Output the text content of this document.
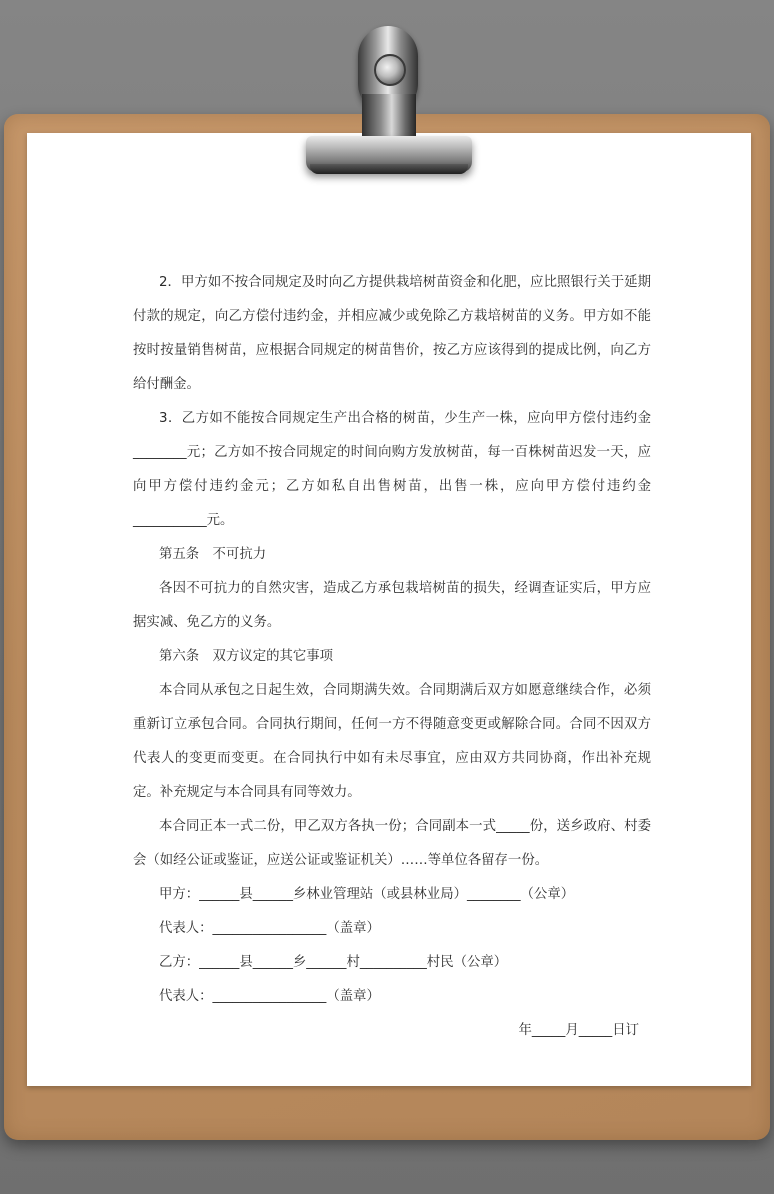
2．甲方如不按合同规定及时向乙方提供栽培树苗资金和化肥，应比照银行关于延期付款的规定，向乙方偿付违约金，并相应减少或免除乙方栽培树苗的义务。甲方如不能按时按量销售树苗，应根据合同规定的树苗售价，按乙方应该得到的提成比例，向乙方给付酬金。

3．乙方如不能按合同规定生产出合格的树苗，少生产一株，应向甲方偿付违约金________元；乙方如不按合同规定的时间向购方发放树苗，每一百株树苗迟发一天，应向甲方偿付违约金元；乙方如私自出售树苗，出售一株，应向甲方偿付违约金___________元。

第五条　不可抗力

各因不可抗力的自然灾害，造成乙方承包栽培树苗的损失，经调查证实后，甲方应据实减、免乙方的义务。

第六条　双方议定的其它事项

本合同从承包之日起生效，合同期满失效。合同期满后双方如愿意继续合作，必须重新订立承包合同。合同执行期间，任何一方不得随意变更或解除合同。合同不因双方代表人的变更而变更。在合同执行中如有未尽事宜，应由双方共同协商，作出补充规定。补充规定与本合同具有同等效力。

本合同正本一式二份，甲乙双方各执一份；合同副本一式_____份，送乡政府、村委会（如经公证或鉴证，应送公证或鉴证机关）……等单位各留存一份。

甲方：______县______乡林业管理站（或县林业局）________（公章）

代表人：_________________（盖章）

乙方：______县______乡______村__________村民（公章）

代表人：_________________（盖章）

年_____月_____日订
